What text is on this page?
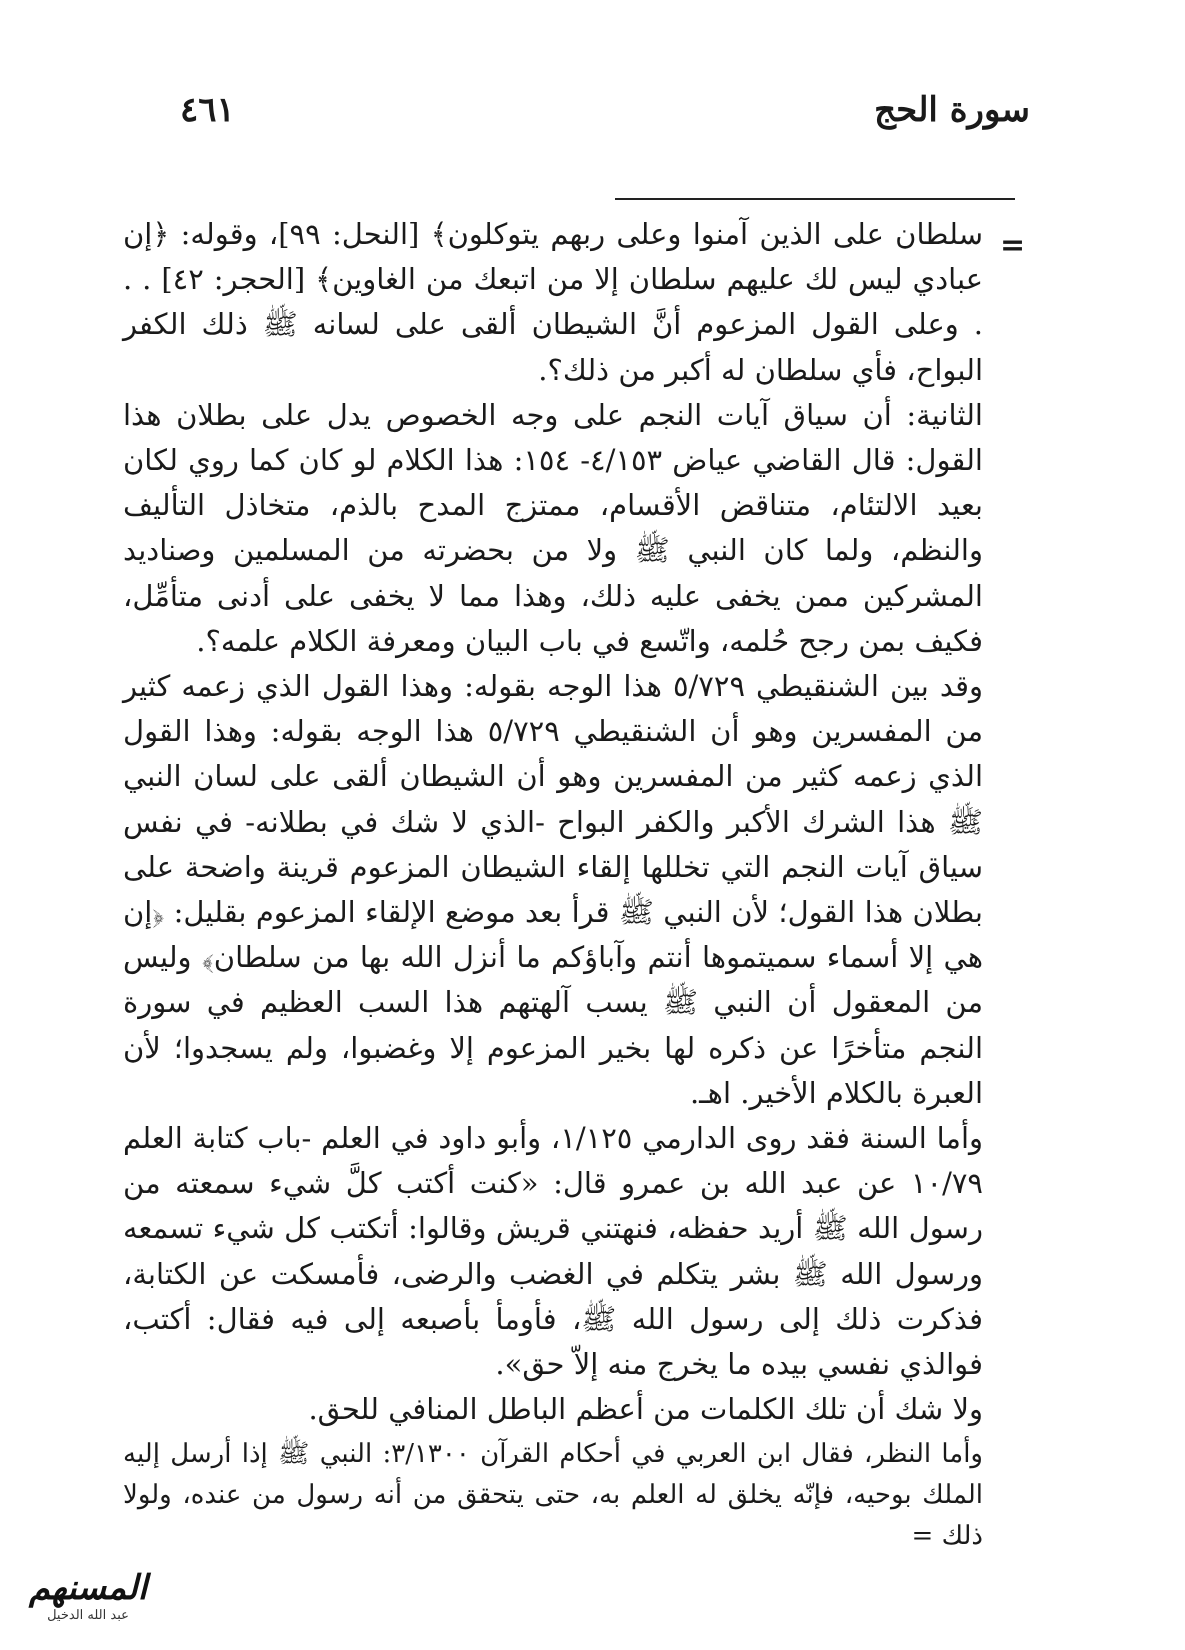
سورة الحج
٤٦١
=

سلطان على الذين آمنوا وعلى ربهم يتوكلون﴾ [النحل: ٩٩]، وقوله: ﴿إن عبادي ليس لك عليهم سلطان إلا من اتبعك من الغاوين﴾ [الحجر: ٤٢] . . . وعلى القول المزعوم أنَّ الشيطان ألقى على لسانه ﷺ ذلك الكفر البواح، فأي سلطان له أكبر من ذلك؟.

الثانية: أن سياق آيات النجم على وجه الخصوص يدل على بطلان هذا القول: قال القاضي عياض ٤/١٥٣- ١٥٤: هذا الكلام لو كان كما روي لكان بعيد الالتئام، متناقض الأقسام، ممتزج المدح بالذم، متخاذل التأليف والنظم، ولما كان النبي ﷺ ولا من بحضرته من المسلمين وصناديد المشركين ممن يخفى عليه ذلك، وهذا مما لا يخفى على أدنى متأمِّل، فكيف بمن رجح حُلمه، واتّسع في باب البيان ومعرفة الكلام علمه؟.

وقد بين الشنقيطي ٥/٧٢٩ هذا الوجه بقوله: وهذا القول الذي زعمه كثير من المفسرين وهو أن الشنقيطي ٥/٧٢٩ هذا الوجه بقوله: وهذا القول الذي زعمه كثير من المفسرين وهو أن الشيطان ألقى على لسان النبي ﷺ هذا الشرك الأكبر والكفر البواح -الذي لا شك في بطلانه- في نفس سياق آيات النجم التي تخللها إلقاء الشيطان المزعوم قرينة واضحة على بطلان هذا القول؛ لأن النبي ﷺ قرأ بعد موضع الإلقاء المزعوم بقليل: ﴿إن هي إلا أسماء سميتموها أنتم وآباؤكم ما أنزل الله بها من سلطان﴾ وليس من المعقول أن النبي ﷺ يسب آلهتهم هذا السب العظيم في سورة النجم متأخرًا عن ذكره لها بخير المزعوم إلا وغضبوا، ولم يسجدوا؛ لأن العبرة بالكلام الأخير. اهـ.

وأما السنة فقد روى الدارمي ١/١٢٥، وأبو داود في العلم -باب كتابة العلم ١٠/٧٩ عن عبد الله بن عمرو قال: «كنت أكتب كلَّ شيء سمعته من رسول الله ﷺ أريد حفظه، فنهتني قريش وقالوا: أتكتب كل شيء تسمعه ورسول الله ﷺ بشر يتكلم في الغضب والرضى، فأمسكت عن الكتابة، فذكرت ذلك إلى رسول الله ﷺ، فأومأ بأصبعه إلى فيه فقال: أكتب، فوالذي نفسي بيده ما يخرج منه إلاّ حق».

ولا شك أن تلك الكلمات من أعظم الباطل المنافي للحق.

وأما النظر، فقال ابن العربي في أحكام القرآن ٣/١٣٠٠: النبي ﷺ إذا أرسل إليه الملك بوحيه، فإنّه يخلق له العلم به، حتى يتحقق من أنه رسول من عنده، ولولا ذلك =

المسنهم
عبد الله الدخيل
